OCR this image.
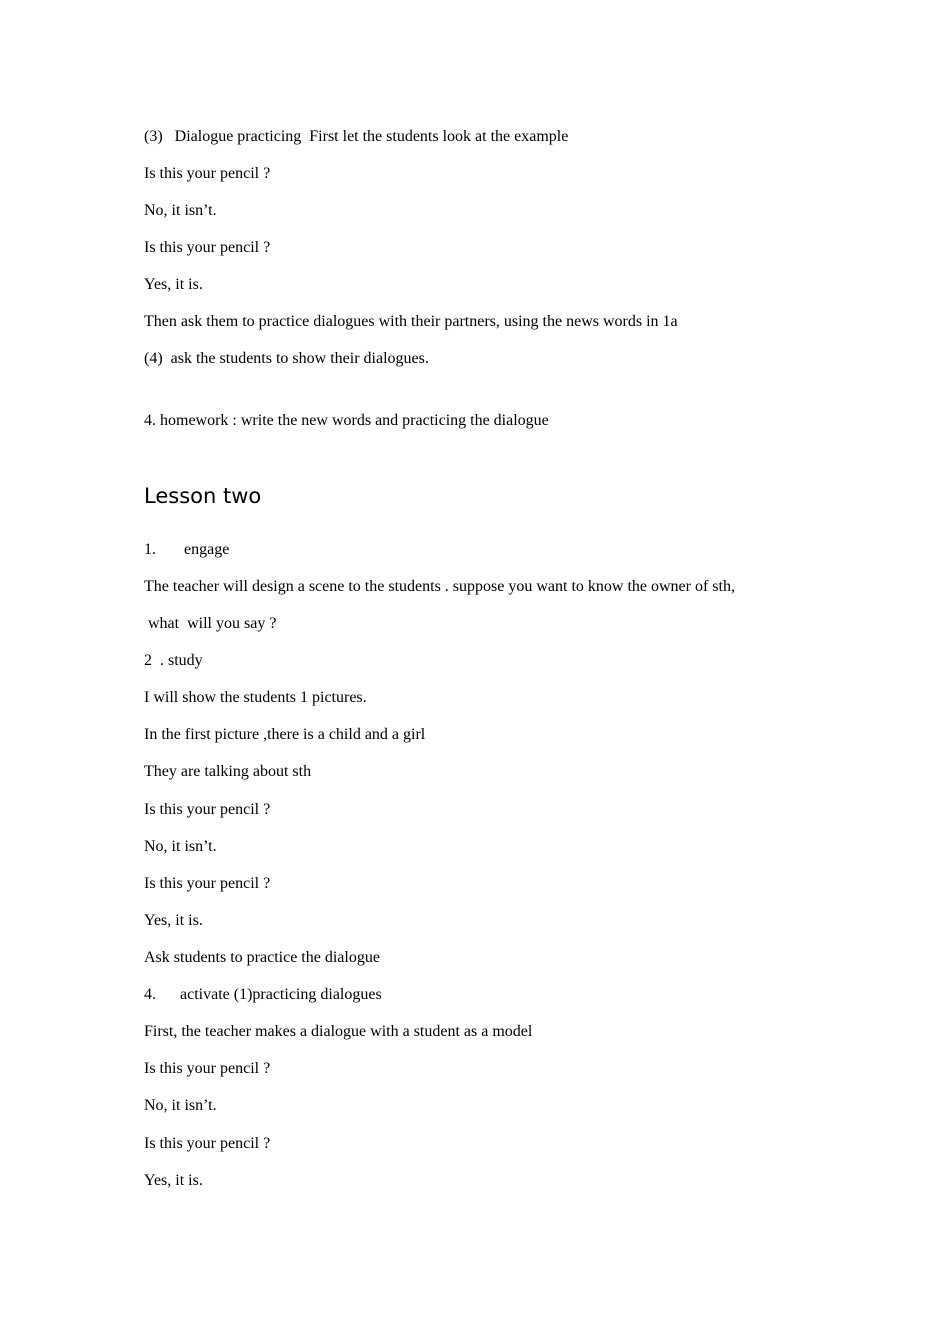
(3)   Dialogue practicing  First let the students look at the example

Is this your pencil ?

No, it isn’t.

Is this your pencil ?

Yes, it is.

Then ask them to practice dialogues with their partners, using the news words in 1a

(4)  ask the students to show their dialogues.

4. homework : write the new words and practicing the dialogue

Lesson two

1.       engage

The teacher will design a scene to the students . suppose you want to know the owner of sth,

what  will you say ?

2  . study

I will show the students 1 pictures.

In the first picture ,there is a child and a girl

They are talking about sth

Is this your pencil ?

No, it isn’t.

Is this your pencil ?

Yes, it is.

Ask students to practice the dialogue

4.      activate (1)practicing dialogues

First, the teacher makes a dialogue with a student as a model

Is this your pencil ?

No, it isn’t.

Is this your pencil ?

Yes, it is.
